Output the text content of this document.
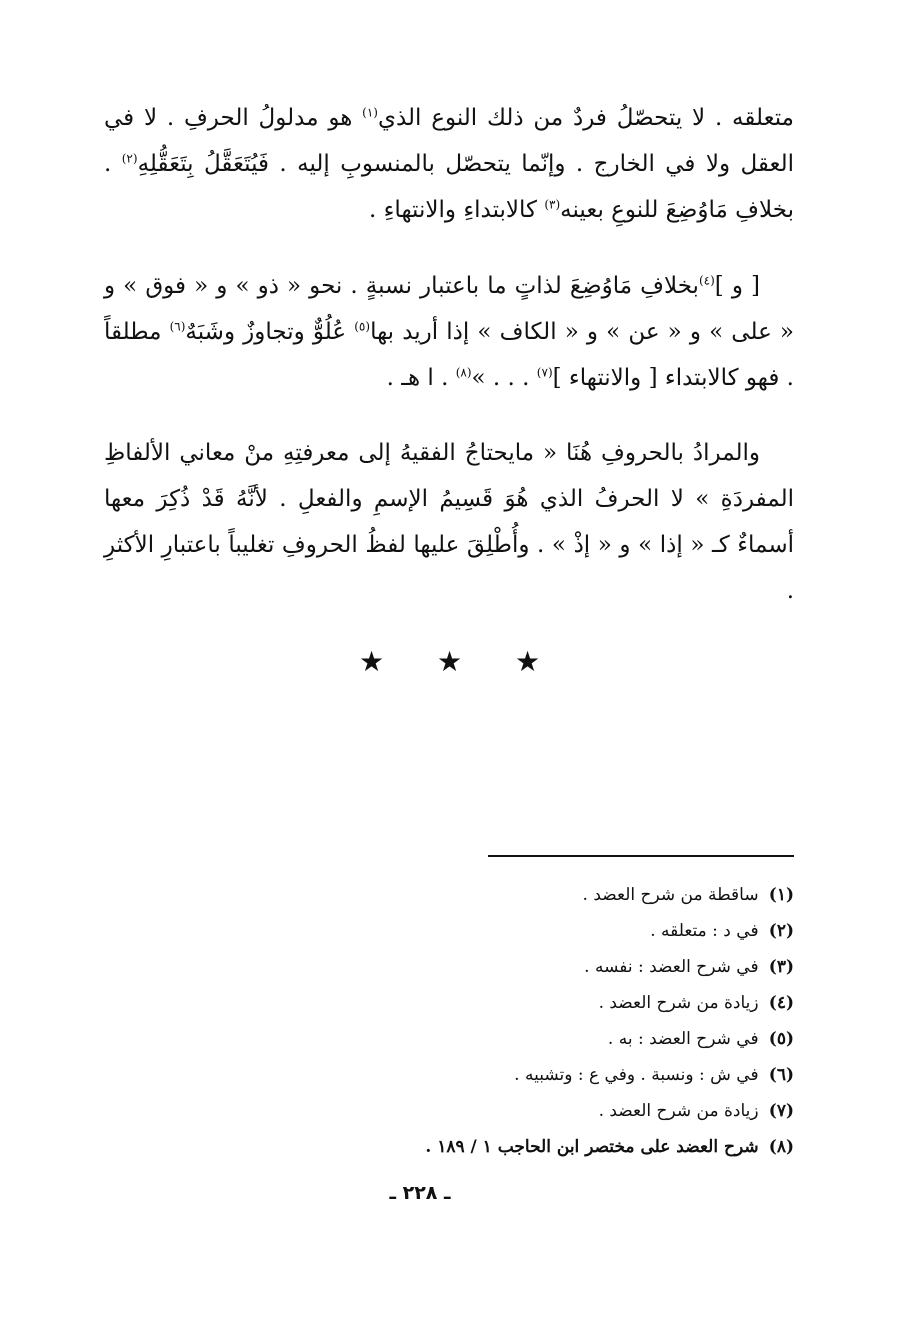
متعلقه . لا يتحصّلُ فردٌ من ذلك النوع الذي$^{(١)}$ هو مدلولُ الحرفِ . لا في العقل ولا في الخارج . وإنّما يتحصّل بالمنسوبِ إليه . فَيُتَعَقَّلُ بِتَعَقُّلِهِ$^{(٢)}$ . بخلافِ مَاوُضِعَ للنوعِ بعينه$^{(٣)}$ كالابتداءِ والانتهاءِ .

[ و ]$^{(٤)}$بخلافِ مَاوُضِعَ لذاتٍ ما باعتبار نسبةٍ . نحو « ذو » و « فوق » و « على » و « عن » و « الكاف » إذا أريد بها$^{(٥)}$ عُلُوٌّ وتجاوزٌ وشَبَهٌ$^{(٦)}$ مطلقاً . فهو كالابتداء [ والانتهاء ]$^{(٧)}$ . . . »$^{(٨)}$ . ا هـ .

والمرادُ بالحروفِ هُنَا « مايحتاجُ الفقيهُ إلى معرفتِهِ منْ معاني الألفاظِ المفردَةِ » لا الحرفُ الذي هُوَ قَسِيمُ الإسمِ والفعلِ . لأنَّهُ قَدْ ذُكِرَ معها أسماءٌ كـ « إذا » و « إذْ » . وأُطْلِقَ عليها لفظُ الحروفِ تغليباً باعتبارِ الأكثرِ .

★ ★ ★
(١) ساقطة من شرح العضد .
(٢) في د : متعلقه .
(٣) في شرح العضد : نفسه .
(٤) زيادة من شرح العضد .
(٥) في شرح العضد : به .
(٦) في ش : ونسبة . وفي ع : وتشبيه .
(٧) زيادة من شرح العضد .
(٨) شرح العضد على مختصر ابن الحاجب ١ / ١٨٩ .
ـ ٢٢٨ ـ
